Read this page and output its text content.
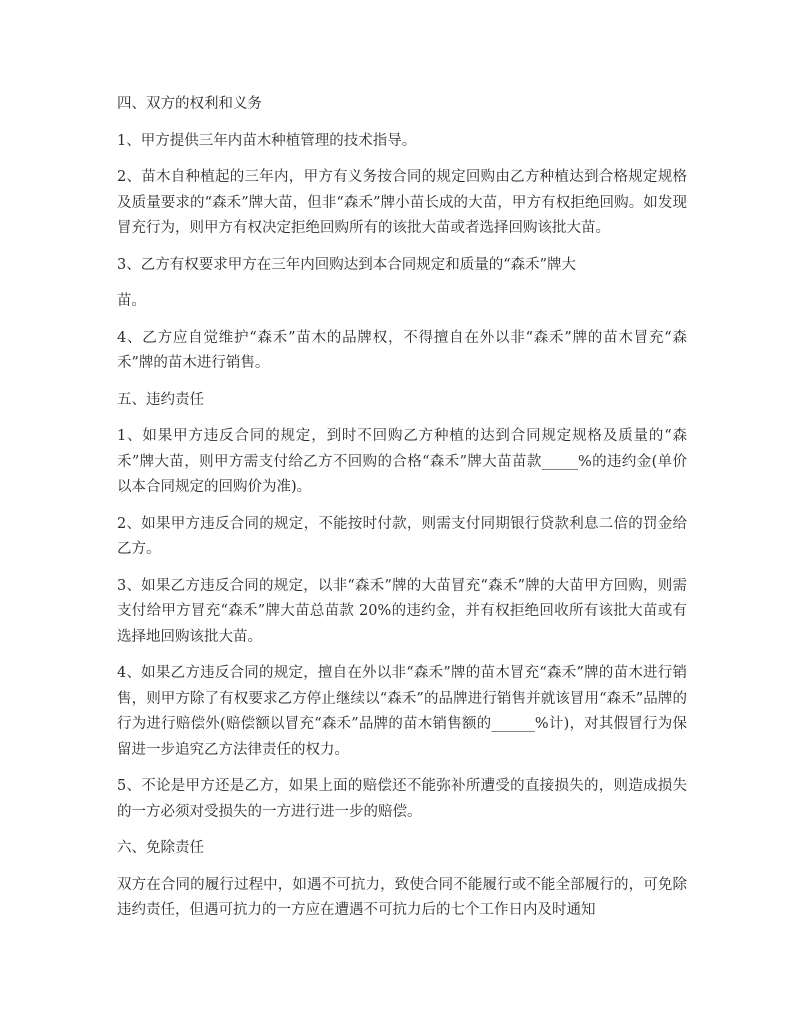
四、双方的权利和义务

1、甲方提供三年内苗木种植管理的技术指导。

2、苗木自种植起的三年内，甲方有义务按合同的规定回购由乙方种植达到合格规定规格及质量要求的“森禾”牌大苗，但非“森禾”牌小苗长成的大苗，甲方有权拒绝回购。如发现冒充行为，则甲方有权决定拒绝回购所有的该批大苗或者选择回购该批大苗。

3、乙方有权要求甲方在三年内回购达到本合同规定和质量的“森禾”牌大

苗。

4、乙方应自觉维护“森禾”苗木的品牌权，不得擅自在外以非“森禾”牌的苗木冒充“森禾”牌的苗木进行销售。

五、违约责任

1、如果甲方违反合同的规定，到时不回购乙方种植的达到合同规定规格及质量的“森禾”牌大苗，则甲方需支付给乙方不回购的合格“森禾”牌大苗苗款_____%的违约金(单价以本合同规定的回购价为准)。

2、如果甲方违反合同的规定，不能按时付款，则需支付同期银行贷款利息二倍的罚金给乙方。

3、如果乙方违反合同的规定，以非“森禾”牌的大苗冒充“森禾”牌的大苗甲方回购，则需支付给甲方冒充“森禾”牌大苗总苗款 20%的违约金，并有权拒绝回收所有该批大苗或有选择地回购该批大苗。

4、如果乙方违反合同的规定，擅自在外以非“森禾”牌的苗木冒充“森禾”牌的苗木进行销售，则甲方除了有权要求乙方停止继续以“森禾”的品牌进行销售并就该冒用“森禾”品牌的行为进行赔偿外(赔偿额以冒充“森禾”品牌的苗木销售额的______%计)，对其假冒行为保留进一步追究乙方法律责任的权力。

5、不论是甲方还是乙方，如果上面的赔偿还不能弥补所遭受的直接损失的，则造成损失的一方必须对受损失的一方进行进一步的赔偿。

六、免除责任

双方在合同的履行过程中，如遇不可抗力，致使合同不能履行或不能全部履行的，可免除违约责任，但遇可抗力的一方应在遭遇不可抗力后的七个工作日内及时通知
